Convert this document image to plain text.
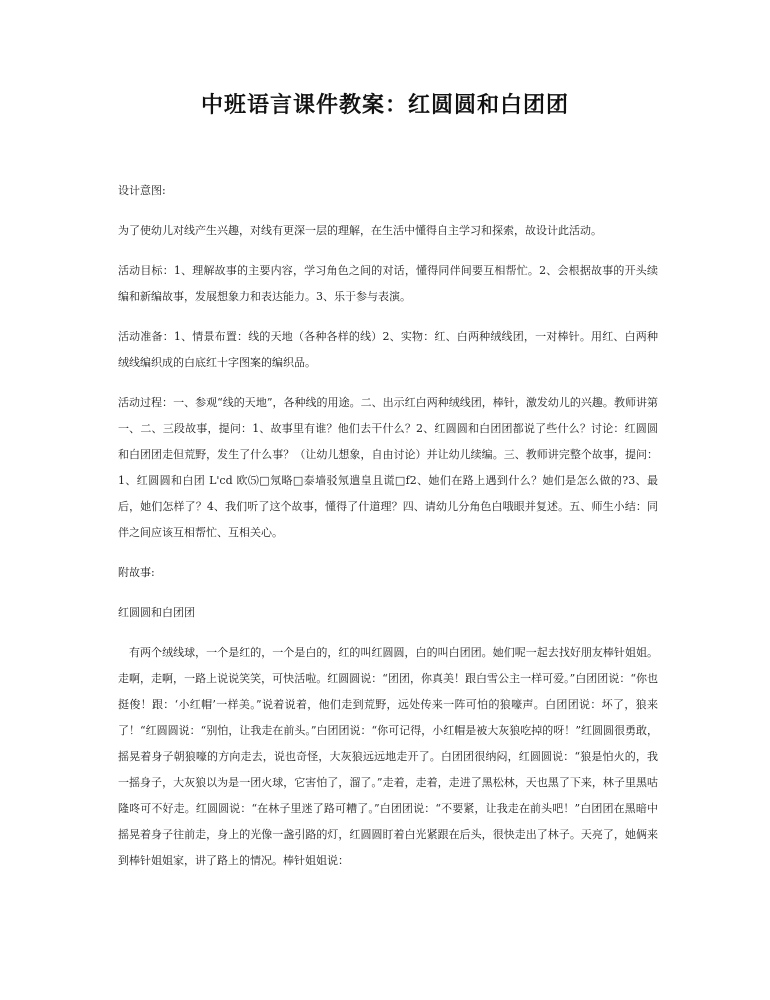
中班语言课件教案：红圆圆和白团团

设计意图:

为了使幼儿对线产生兴趣，对线有更深一层的理解，在生活中懂得自主学习和探索，故设计此活动。

活动目标：1、理解故事的主要内容，学习角色之间的对话，懂得同伴间要互相帮忙。2、会根据故事的开头续编和新编故事，发展想象力和表达能力。3、乐于参与表演。

活动准备：1、情景布置：线的天地（各种各样的线）2、实物：红、白两种绒线团，一对棒针。用红、白两种绒线编织成的白底红十字图案的编织品。

活动过程：一、参观“线的天地”，各种线的用途。二、出示红白两种绒线团，棒针，激发幼儿的兴趣。教师讲第一、二、三段故事，提问：1、故事里有谁？他们去干什么？2、红圆圆和白团团都说了些什么？讨论：红圆圆和白团团走但荒野，发生了什么事？（让幼儿想象，自由讨论）并让幼儿续编。三、教师讲完整个故事，提问：1、红圆圆和白团 L'cd 欧⑸□氖略□泰墙驳氖遣皇且谎□f2、她们在路上遇到什么？她们是怎么做的?3、最后，她们怎样了？4、我们听了这个故事，懂得了什道理？四、请幼儿分角色白哦眼并复述。五、师生小结：同伴之间应该互相帮忙、互相关心。

附故事:

红圆圆和白团团

　有两个绒线球，一个是红的，一个是白的，红的叫红圆圆，白的叫白团团。她们呢一起去找好朋友棒针姐姐。走啊，走啊，一路上说说笑笑，可快活啦。红圆圆说：“团团，你真美！跟白雪公主一样可爱。”白团团说：“你也挺俊！跟：‘小红帽’一样美。”说着说着，他们走到荒野，远处传来一阵可怕的狼嚎声。白团团说：坏了，狼来了！“红圆圆说：“别怕，让我走在前头。”白团团说：“你可记得，小红帽是被大灰狼吃掉的呀！”红圆圆很勇敢，摇晃着身子朝狼嚎的方向走去，说也奇怪，大灰狼远远地走开了。白团团很纳闷，红圆圆说：“狼是怕火的，我一摇身子，大灰狼以为是一团火球，它害怕了，溜了。”走着，走着，走进了黑松林，天也黑了下来，林子里黑咕隆咚可不好走。红圆圆说：“在林子里迷了路可糟了。”白团团说：“不要紧，让我走在前头吧！”白团团在黑暗中摇晃着身子往前走，身上的光像一盏引路的灯，红圆圆盯着白光紧跟在后头，很快走出了林子。天亮了，她俩来到棒针姐姐家，讲了路上的情况。棒针姐姐说：
